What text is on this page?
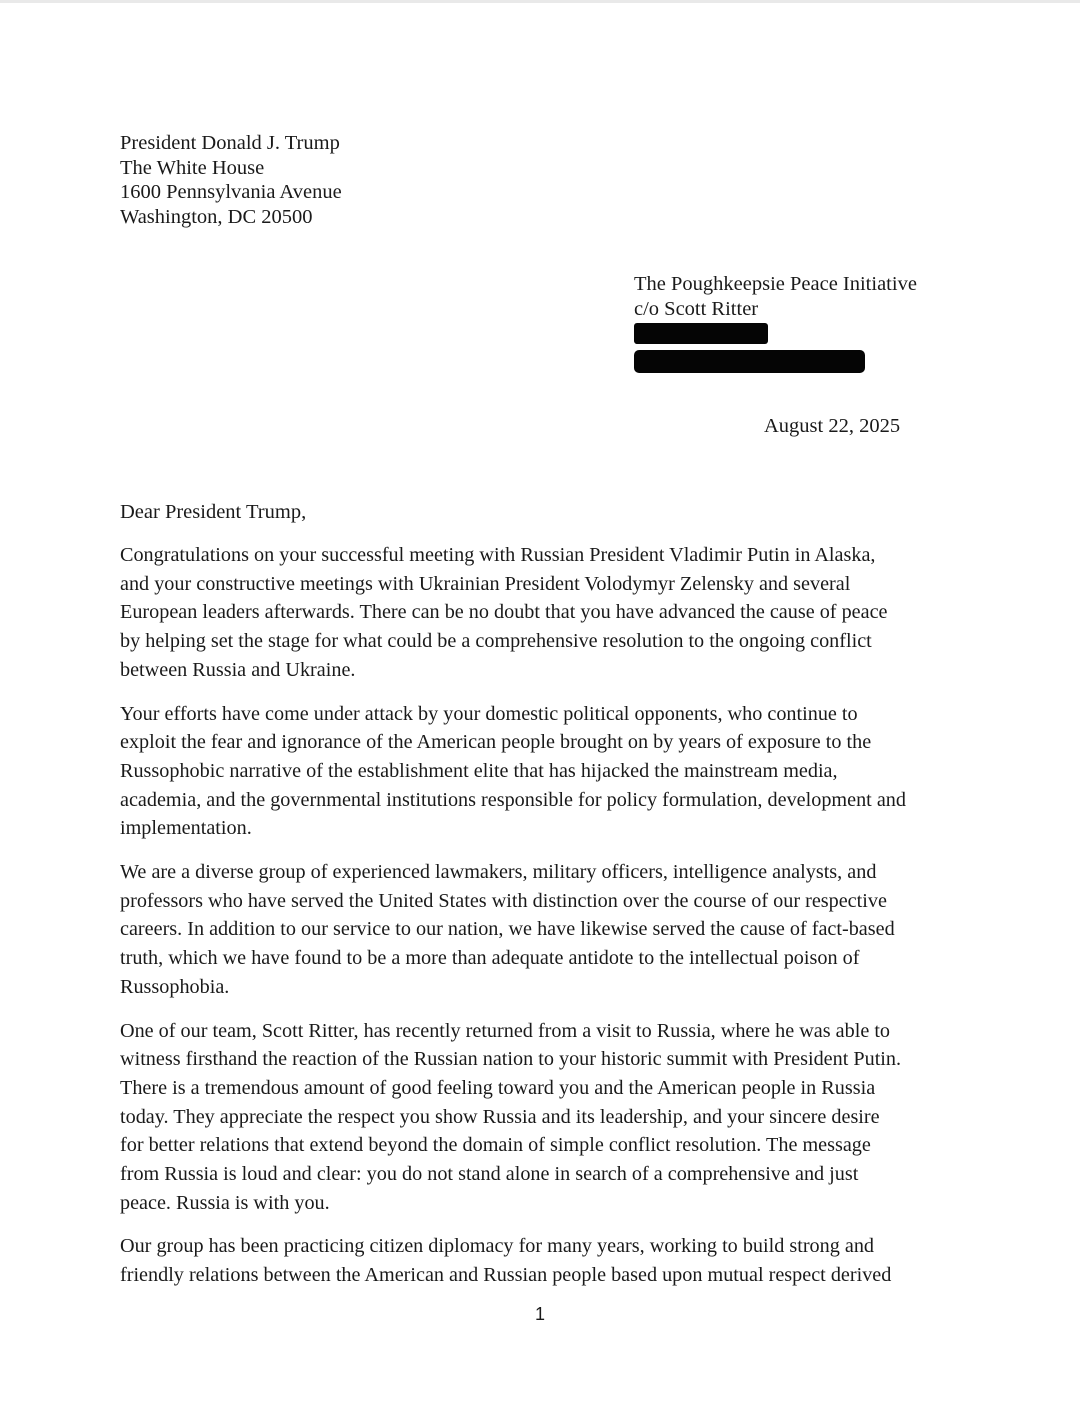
President Donald J. Trump
The White House
1600 Pennsylvania Avenue
Washington, DC 20500
The Poughkeepsie Peace Initiative
c/o Scott Ritter
August 22, 2025
Dear President Trump,

Congratulations on your successful meeting with Russian President Vladimir Putin in Alaska,
and your constructive meetings with Ukrainian President Volodymyr Zelensky and several
European leaders afterwards. There can be no doubt that you have advanced the cause of peace
by helping set the stage for what could be a comprehensive resolution to the ongoing conflict
between Russia and Ukraine.

Your efforts have come under attack by your domestic political opponents, who continue to
exploit the fear and ignorance of the American people brought on by years of exposure to the
Russophobic narrative of the establishment elite that has hijacked the mainstream media,
academia, and the governmental institutions responsible for policy formulation, development and
implementation.

We are a diverse group of experienced lawmakers, military officers, intelligence analysts, and
professors who have served the United States with distinction over the course of our respective
careers. In addition to our service to our nation, we have likewise served the cause of fact-based
truth, which we have found to be a more than adequate antidote to the intellectual poison of
Russophobia.

One of our team, Scott Ritter, has recently returned from a visit to Russia, where he was able to
witness firsthand the reaction of the Russian nation to your historic summit with President Putin.
There is a tremendous amount of good feeling toward you and the American people in Russia
today. They appreciate the respect you show Russia and its leadership, and your sincere desire
for better relations that extend beyond the domain of simple conflict resolution. The message
from Russia is loud and clear: you do not stand alone in search of a comprehensive and just
peace. Russia is with you.

Our group has been practicing citizen diplomacy for many years, working to build strong and
friendly relations between the American and Russian people based upon mutual respect derived

1
